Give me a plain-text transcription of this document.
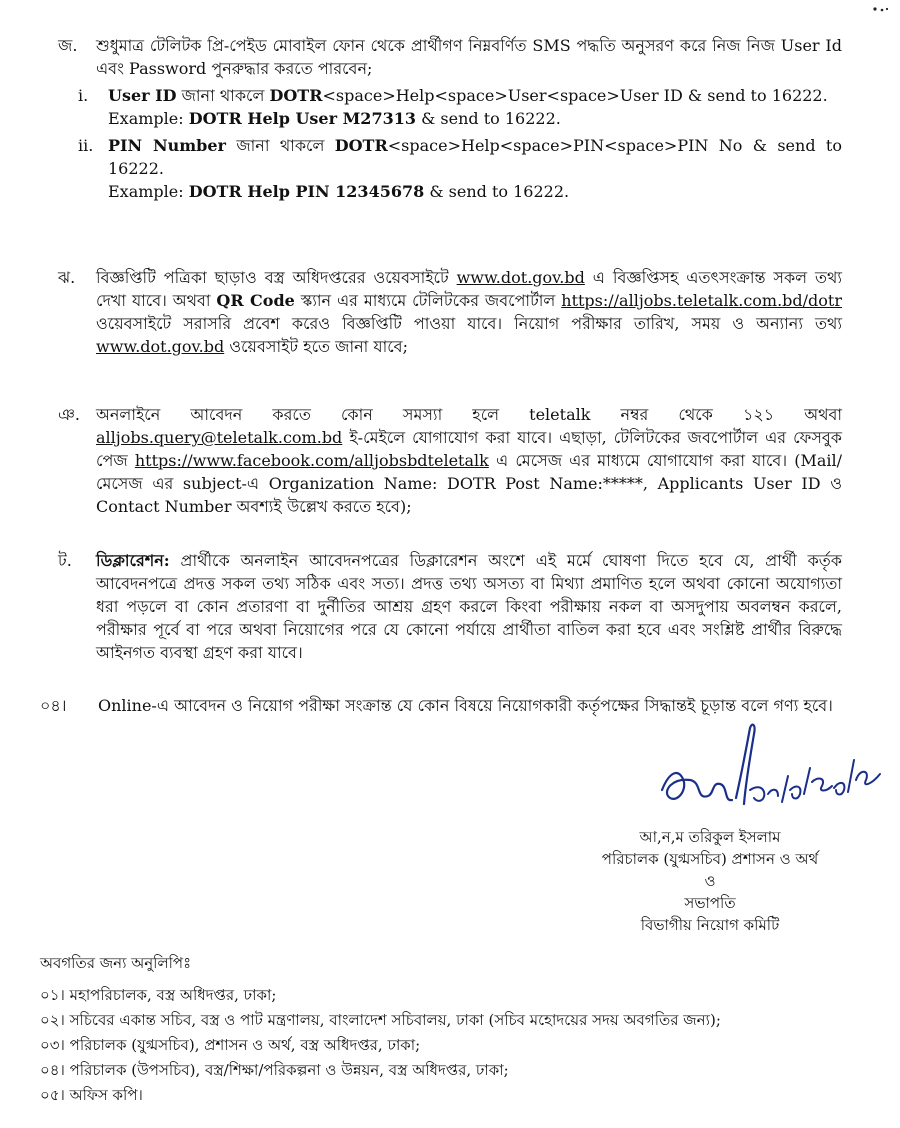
জ.	শুধুমাত্র টেলিটক প্রি-পেইড মোবাইল ফোন থেকে প্রার্থীগণ নিম্নবর্ণিত SMS পদ্ধতি অনুসরণ করে নিজ নিজ User Id এবং Password পুনরুদ্ধার করতে পারবেন;
i. User ID জানা থাকলে DOTR<space>Help<space>User<space>User ID & send to 16222.
Example: DOTR Help User M27313 & send to 16222.
ii. PIN Number জানা থাকলে DOTR<space>Help<space>PIN<space>PIN No & send to 16222.
Example: DOTR Help PIN 12345678 & send to 16222.
ঝ.	বিজ্ঞপ্তিটি পত্রিকা ছাড়াও বস্ত্র অধিদপ্তরের ওয়েবসাইটে www.dot.gov.bd এ বিজ্ঞপ্তিসহ এতৎসংক্রান্ত সকল তথ্য দেখা যাবে। অথবা QR Code স্ক্যান এর মাধ্যমে টেলিটকের জবপোর্টাল https://alljobs.teletalk.com.bd/dotr ওয়েবসাইটে সরাসরি প্রবেশ করেও বিজ্ঞপ্তিটি পাওয়া যাবে। নিয়োগ পরীক্ষার তারিখ, সময় ও অন্যান্য তথ্য www.dot.gov.bd ওয়েবসাইট হতে জানা যাবে;
ঞ.	অনলাইনে আবেদন করতে কোন সমস্যা হলে teletalk নম্বর থেকে ১২১ অথবা alljobs.query@teletalk.com.bd ই-মেইলে যোগাযোগ করা যাবে। এছাড়া, টেলিটকের জবপোর্টাল এর ফেসবুক পেজ https://www.facebook.com/alljobsbdteletalk এ মেসেজ এর মাধ্যমে যোগাযোগ করা যাবে। (Mail/মেসেজ এর subject-এ Organization Name: DOTR Post Name:*****, Applicants User ID ও Contact Number অবশ্যই উল্লেখ করতে হবে);
ট.	ডিক্লারেশন: প্রার্থীকে অনলাইন আবেদনপত্রের ডিক্লারেশন অংশে এই মর্মে ঘোষণা দিতে হবে যে, প্রার্থী কর্তৃক আবেদনপত্রে প্রদত্ত সকল তথ্য সঠিক এবং সত্য। প্রদত্ত তথ্য অসত্য বা মিথ্যা প্রমাণিত হলে অথবা কোনো অযোগ্যতা ধরা পড়লে বা কোন প্রতারণা বা দুর্নীতির আশ্রয় গ্রহণ করলে কিংবা পরীক্ষায় নকল বা অসদুপায় অবলম্বন করলে, পরীক্ষার পূর্বে বা পরে অথবা নিয়োগের পরে যে কোনো পর্যায়ে প্রার্থীতা বাতিল করা হবে এবং সংশ্লিষ্ট প্রার্থীর বিরুদ্ধে আইনগত ব্যবস্থা গ্রহণ করা যাবে।
০৪।	Online-এ আবেদন ও নিয়োগ পরীক্ষা সংক্রান্ত যে কোন বিষয়ে নিয়োগকারী কর্তৃপক্ষের সিদ্ধান্তই চূড়ান্ত বলে গণ্য হবে।
আ,ন,ম তরিকুল ইসলাম
পরিচালক (যুগ্মসচিব) প্রশাসন ও অর্থ
ও
সভাপতি
বিভাগীয় নিয়োগ কমিটি
অবগতির জন্য অনুলিপিঃ
০১। মহাপরিচালক, বস্ত্র অধিদপ্তর, ঢাকা;
০২। সচিবের একান্ত সচিব, বস্ত্র ও পাট মন্ত্রণালয়, বাংলাদেশ সচিবালয়, ঢাকা (সচিব মহোদয়ের সদয় অবগতির জন্য);
০৩। পরিচালক (যুগ্মসচিব), প্রশাসন ও অর্থ, বস্ত্র অধিদপ্তর, ঢাকা;
০৪। পরিচালক (উপসচিব), বস্ত্র/শিক্ষা/পরিকল্পনা ও উন্নয়ন, বস্ত্র অধিদপ্তর, ঢাকা;
০৫। অফিস কপি।
